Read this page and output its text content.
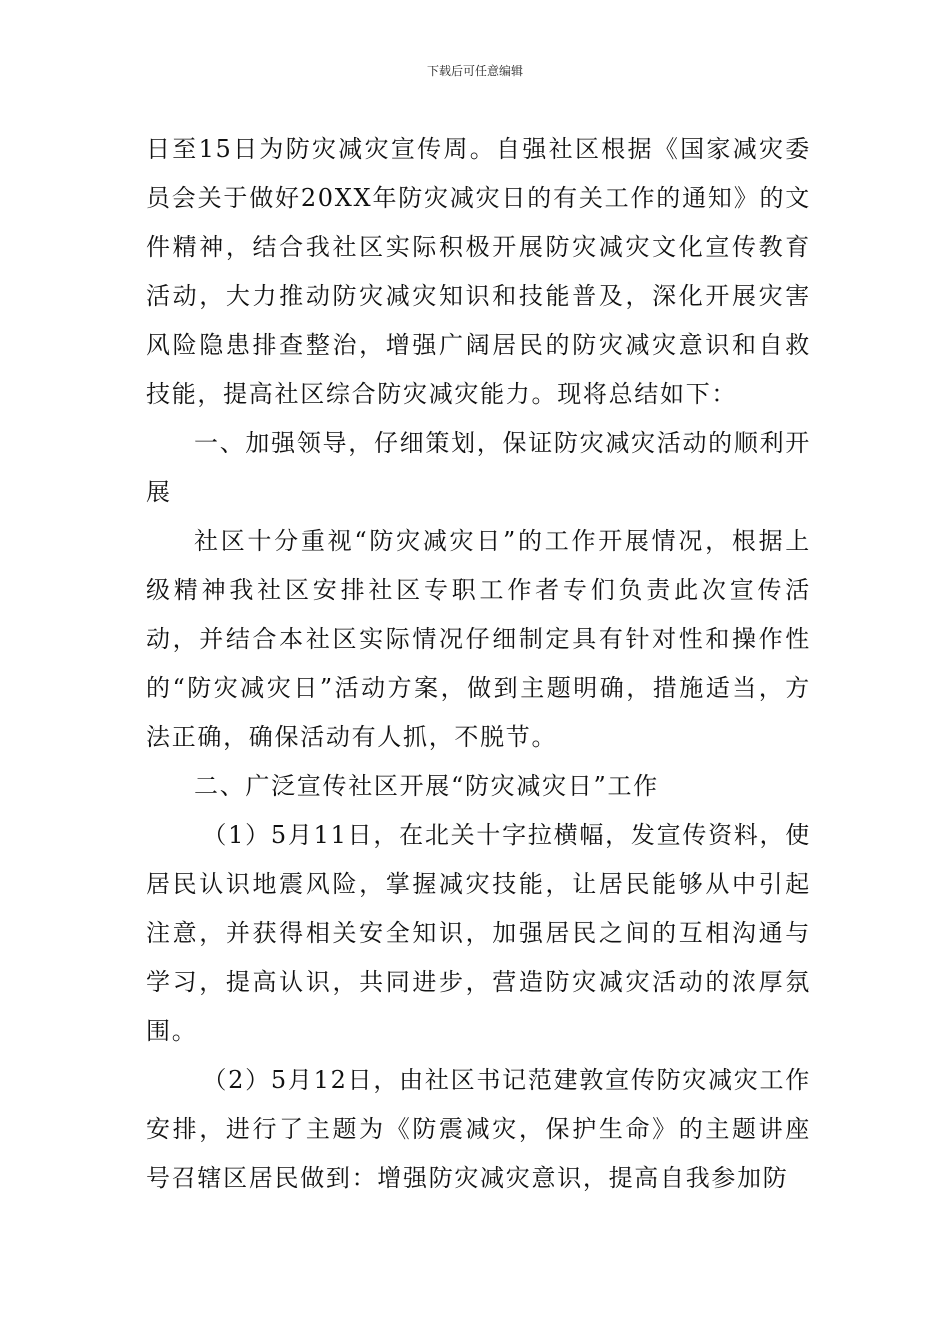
下载后可任意编辑

日至15日为防灾减灾宣传周。自强社区根据《国家减灾委员会关于做好20XX年防灾减灾日的有关工作的通知》的文件精神，结合我社区实际积极开展防灾减灾文化宣传教育活动，大力推动防灾减灾知识和技能普及，深化开展灾害风险隐患排查整治，增强广阔居民的防灾减灾意识和自救技能，提高社区综合防灾减灾能力。现将总结如下：

一、加强领导，仔细策划，保证防灾减灾活动的顺利开展

社区十分重视“防灾减灾日”的工作开展情况，根据上级精神我社区安排社区专职工作者专们负责此次宣传活动，并结合本社区实际情况仔细制定具有针对性和操作性的“防灾减灾日”活动方案，做到主题明确，措施适当，方法正确，确保活动有人抓，不脱节。

二、广泛宣传社区开展“防灾减灾日”工作

（1）5月11日，在北关十字拉横幅，发宣传资料，使居民认识地震风险，掌握减灾技能，让居民能够从中引起注意，并获得相关安全知识，加强居民之间的互相沟通与学习，提高认识，共同进步，营造防灾减灾活动的浓厚氛围。

（2）5月12日，由社区书记范建敦宣传防灾减灾工作安排，进行了主题为《防震减灾，保护生命》的主题讲座号召辖区居民做到：增强防灾减灾意识，提高自我参加防
